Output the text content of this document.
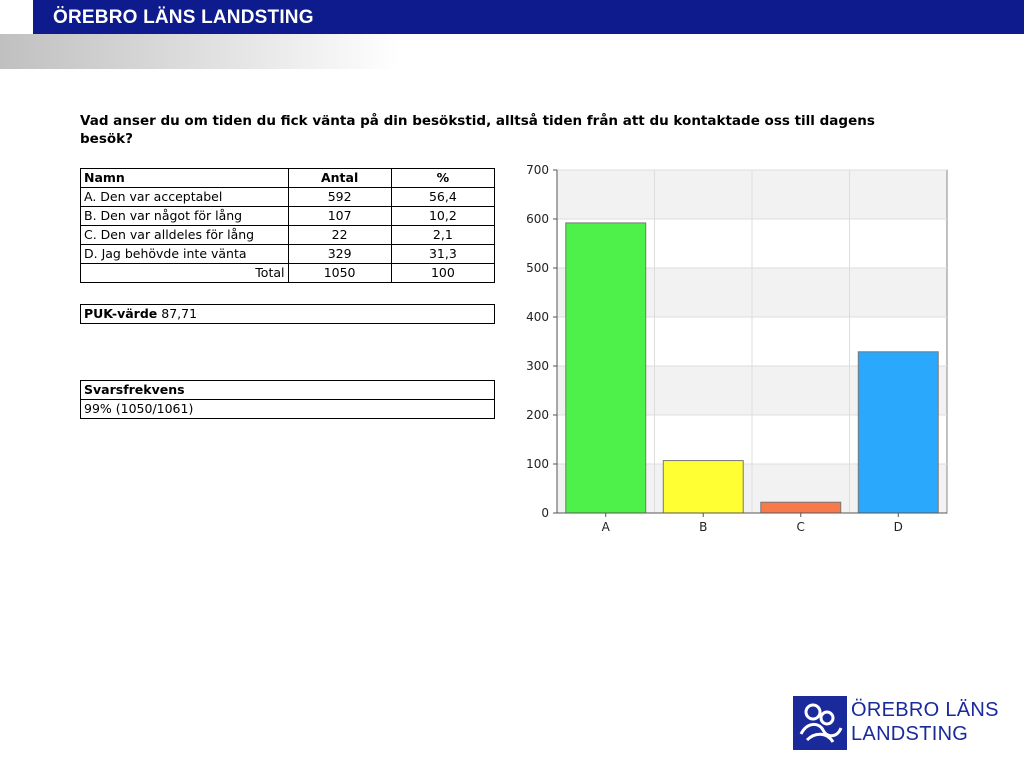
ÖREBRO LÄNS LANDSTING
Vad anser du om tiden du fick vänta på din besökstid, alltså tiden från att du kontaktade oss till dagens besök?
Namn	Antal	%
A. Den var acceptabel	592	56,4
B. Den var något för lång	107	10,2
C. Den var alldeles för lång	22	2,1
D. Jag behövde inte vänta	329	31,3
Total	1050	100
PUK-värde 87,71
Svarsfrekvens
99% (1050/1061)
0
100
200
300
400
500
600
700
A	B	C	D
ÖREBRO LÄNS
LANDSTING
